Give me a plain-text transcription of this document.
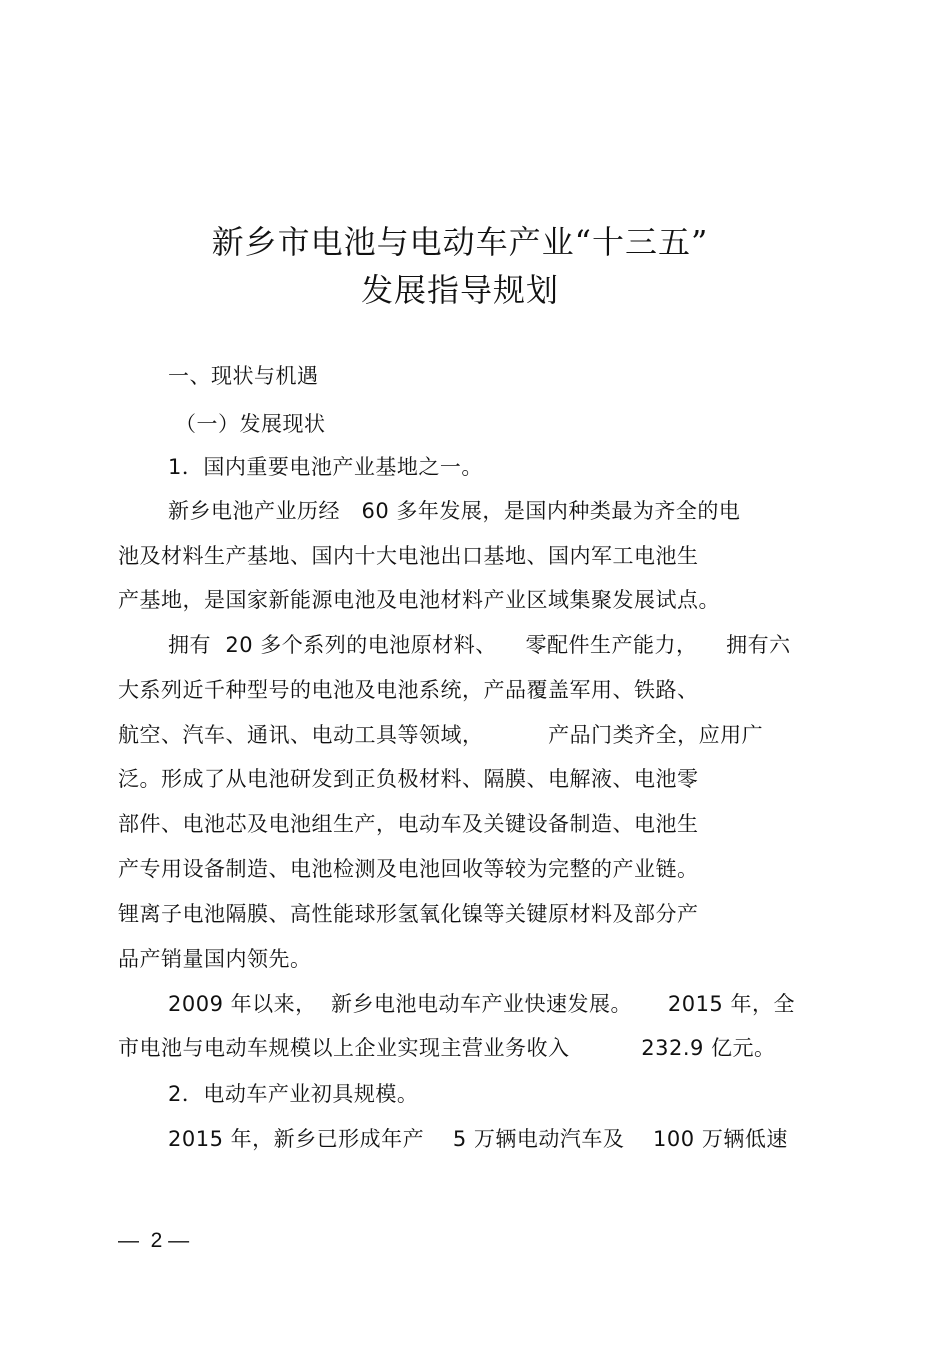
新乡市电池与电动车产业“十三五”
发展指导规划
一、现状与机遇
（一）发展现状
1．国内重要电池产业基地之一。
新乡电池产业历经   60 多年发展，是国内种类最为齐全的电
池及材料生产基地、国内十大电池出口基地、国内军工电池生
产基地，是国家新能源电池及电池材料产业区域集聚发展试点。
拥有  20 多个系列的电池原材料、    零配件生产能力，    拥有六
大系列近千种型号的电池及电池系统，产品覆盖军用、铁路、
航空、汽车、通讯、电动工具等领域，         产品门类齐全，应用广
泛。形成了从电池研发到正负极材料、隔膜、电解液、电池零
部件、电池芯及电池组生产，电动车及关键设备制造、电池生
产专用设备制造、电池检测及电池回收等较为完整的产业链。
锂离子电池隔膜、高性能球形氢氧化镍等关键原材料及部分产
品产销量国内领先。
2009 年以来，  新乡电池电动车产业快速发展。     2015 年，全
市电池与电动车规模以上企业实现主营业务收入          232.9 亿元。
2．电动车产业初具规模。
2015 年，新乡已形成年产    5 万辆电动汽车及    100 万辆低速
—  2 —
